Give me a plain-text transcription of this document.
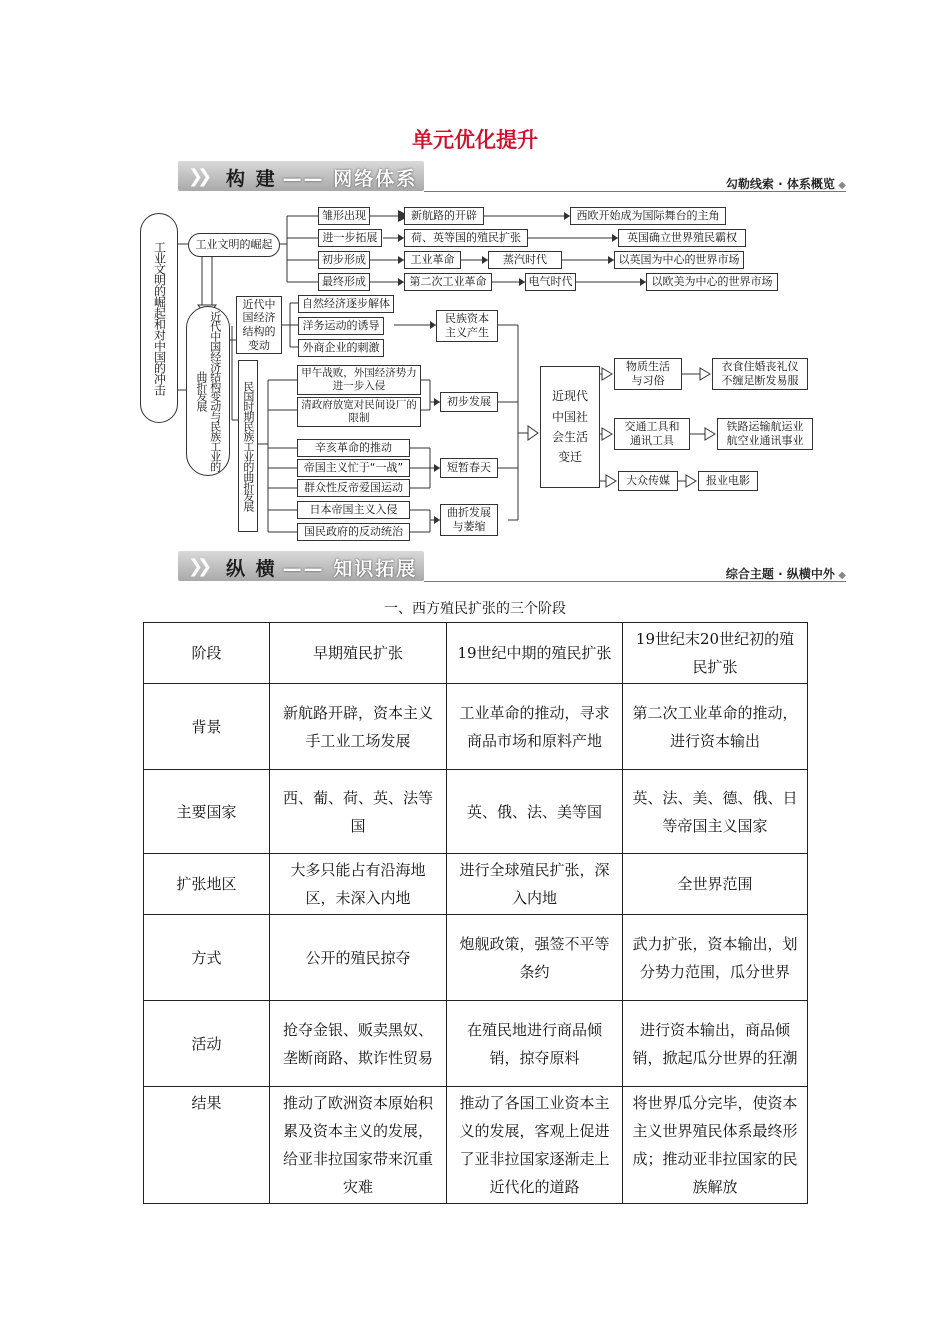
单元优化提升
❯❯ 构 建 —— 网络体系	勾勒线索 · 体系概览 ◆
工业文明的崛起和对中国的冲击	工业文明的崛起
近代中国经济结构变动与民族工业的曲折发展
雏形出现
进一步拓展
初步形成
最终形成
新航路的开辟	西欧开始成为国际舞台的主角
荷、英等国的殖民扩张	英国确立世界殖民霸权
工业革命	蒸汽时代	以英国为中心的世界市场
第二次工业革命	电气时代	以欧美为中心的世界市场
近代中国经济结构的变动
自然经济逐步解体
洋务运动的诱导
外商企业的刺激
民族资本主义产生
民国时期民族工业的曲折发展
甲午战败，外国经济势力进一步入侵
清政府放宽对民间设厂的限制
初步发展
辛亥革命的推动
帝国主义忙于“一战”
群众性反帝爱国运动
短暂春天
日本帝国主义入侵
国民政府的反动统治
曲折发展与萎缩
近现代中国社会生活变迁
物质生活与习俗
衣食住婚丧礼仪不缠足断发易服
交通工具和通讯工具
铁路运输航运业航空业通讯事业
大众传媒	报业电影
❯❯ 纵 横 —— 知识拓展	综合主题 · 纵横中外 ◆
一、西方殖民扩张的三个阶段
阶段	早期殖民扩张	19世纪中期的殖民扩张	19世纪末20世纪初的殖民扩张
背景	新航路开辟，资本主义手工业工场发展	工业革命的推动，寻求商品市场和原料产地	第二次工业革命的推动，进行资本输出
主要国家	西、葡、荷、英、法等国	英、俄、法、美等国	英、法、美、德、俄、日等帝国主义国家
扩张地区	大多只能占有沿海地区，未深入内地	进行全球殖民扩张，深入内地	全世界范围
方式	公开的殖民掠夺	炮舰政策，强签不平等条约	武力扩张，资本输出，划分势力范围，瓜分世界
活动	抢夺金银、贩卖黑奴、垄断商路、欺诈性贸易	在殖民地进行商品倾销，掠夺原料	进行资本输出，商品倾销，掀起瓜分世界的狂潮
结果	推动了欧洲资本原始积累及资本主义的发展，给亚非拉国家带来沉重灾难	推动了各国工业资本主义的发展，客观上促进了亚非拉国家逐渐走上近代化的道路	将世界瓜分完毕，使资本主义世界殖民体系最终形成；推动亚非拉国家的民族解放
